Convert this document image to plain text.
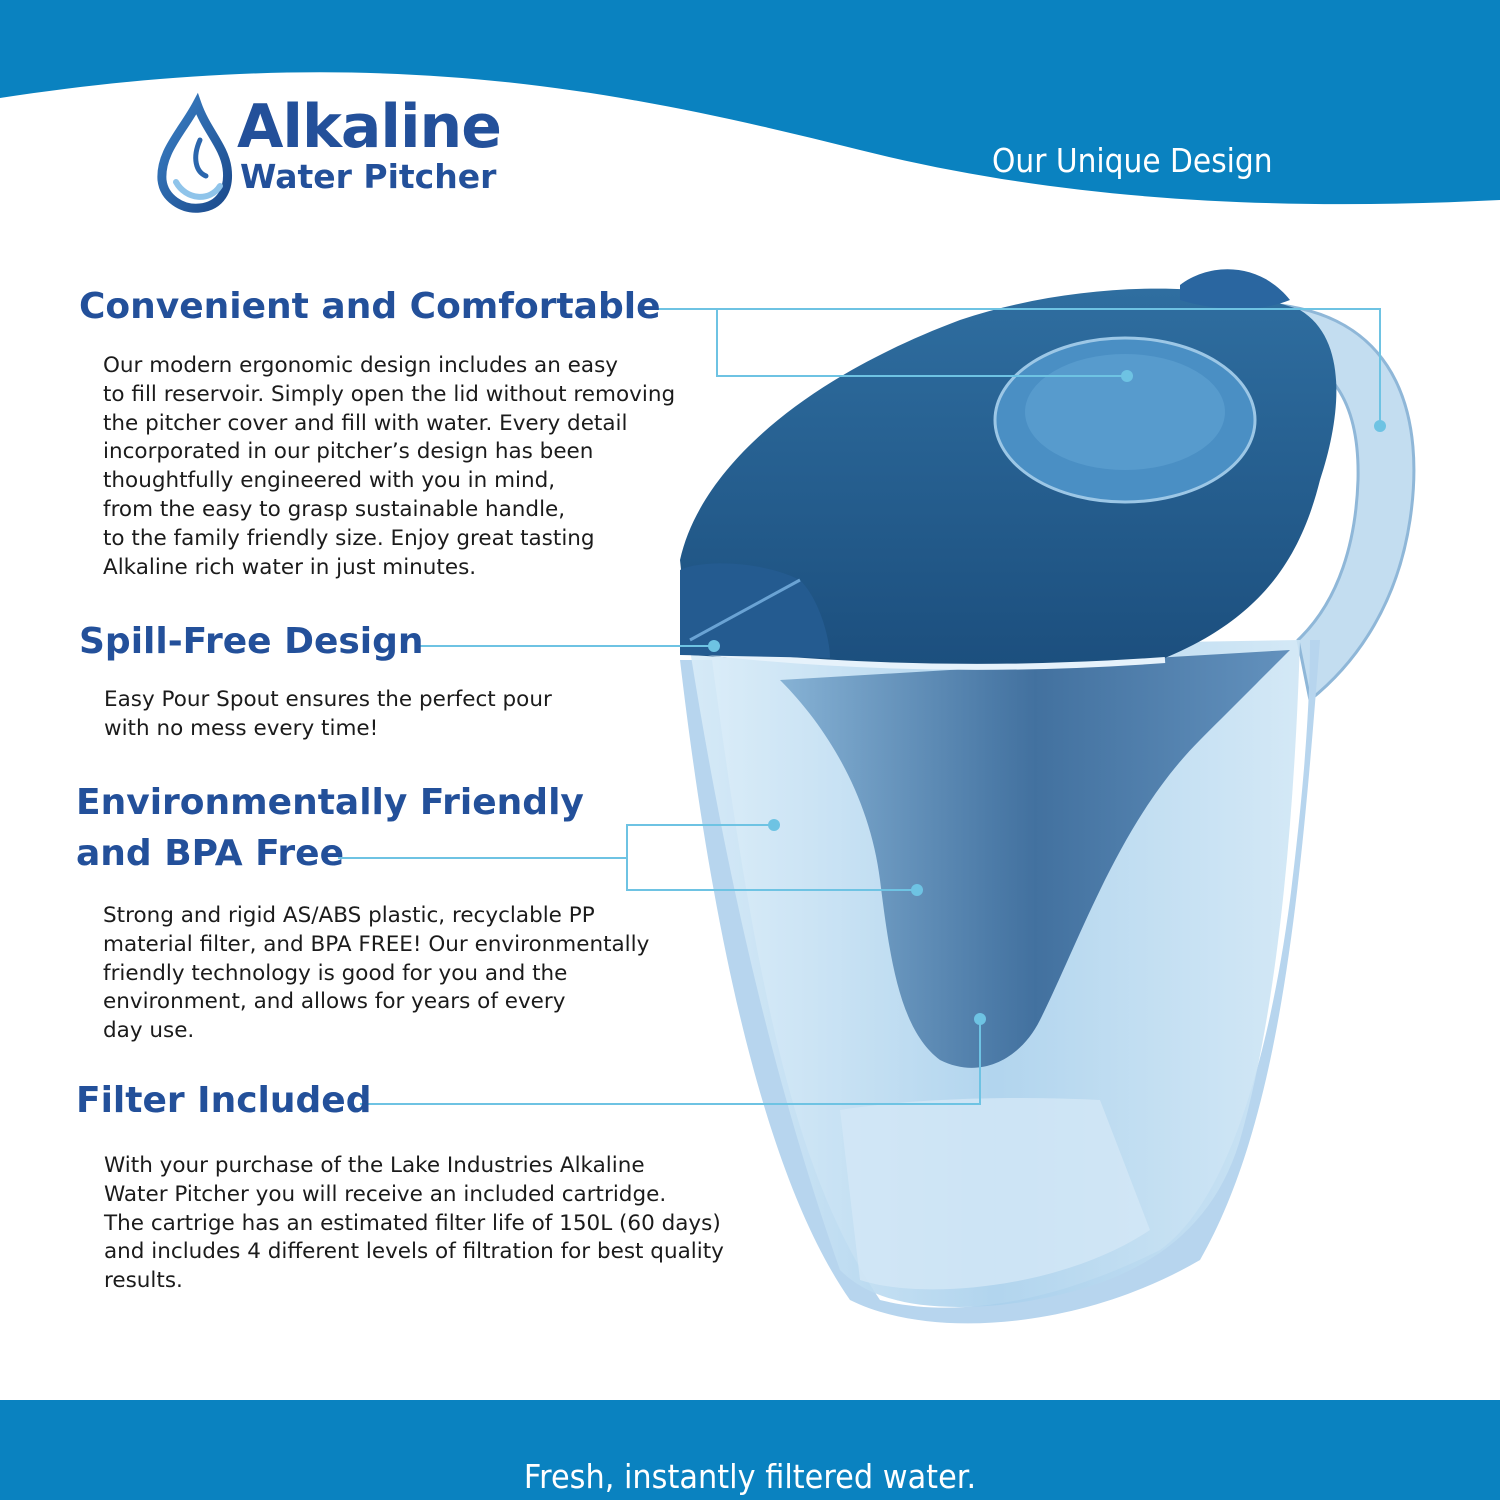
Alkaline
Water Pitcher	Our Unique Design
Convenient and Comfortable
Our modern ergonomic design includes an easy
to fill reservoir. Simply open the lid without removing
the pitcher cover and fill with water. Every detail
incorporated in our pitcher’s design has been
thoughtfully engineered with you in mind,
from the easy to grasp sustainable handle,
to the family friendly size. Enjoy great tasting
Alkaline rich water in just minutes.
Spill-Free Design
Easy Pour Spout ensures the perfect pour
with no mess every time!
Environmentally Friendly
and BPA Free
Strong and rigid AS/ABS plastic, recyclable PP
material filter, and BPA FREE! Our environmentally
friendly technology is good for you and the
environment, and allows for years of every
day use.
Filter Included
With your purchase of the Lake Industries Alkaline
Water Pitcher you will receive an included cartridge.
The cartrige has an estimated filter life of 150L (60 days)
and includes 4 different levels of filtration for best quality
results.
Fresh, instantly filtered water.
